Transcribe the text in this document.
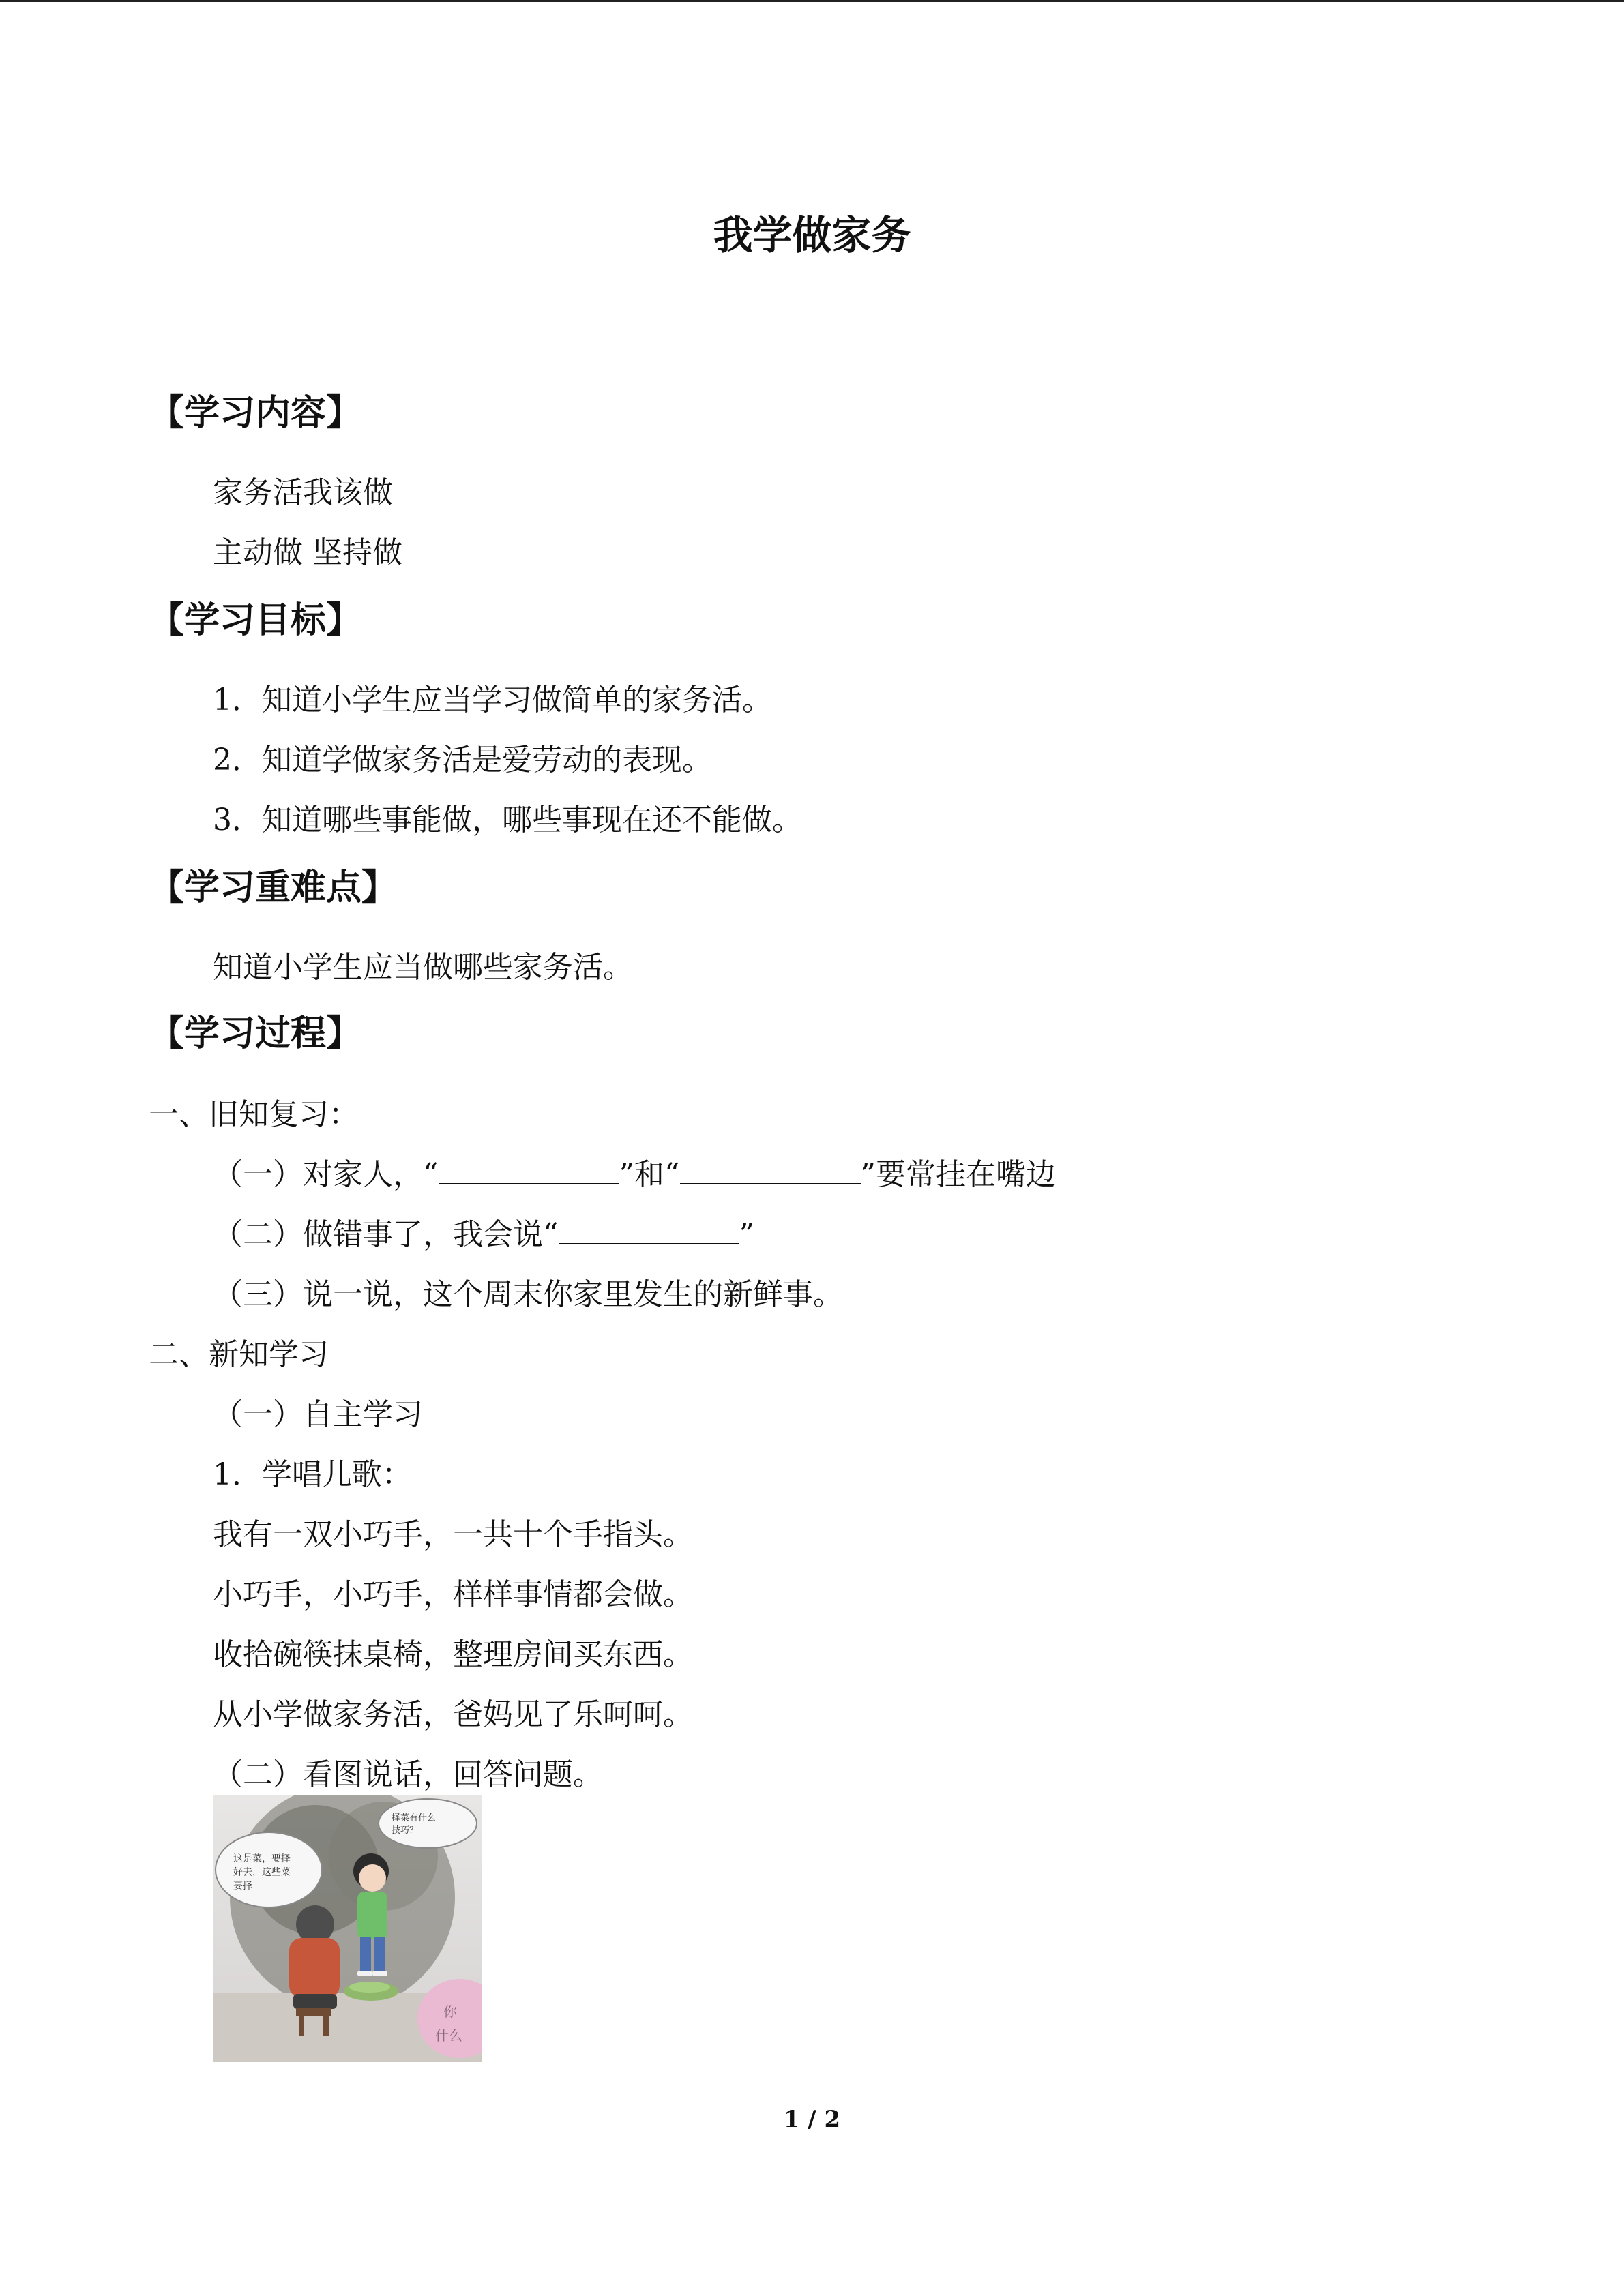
我学做家务
【学习内容】
家务活我该做
主动做 坚持做
【学习目标】
1．知道小学生应当学习做简单的家务活。
2．知道学做家务活是爱劳动的表现。
3．知道哪些事能做，哪些事现在还不能做。
【学习重难点】
知道小学生应当做哪些家务活。
【学习过程】
一、旧知复习：
（一）对家人，“	”和“	”要常挂在嘴边
（二）做错事了，我会说“	”
（三）说一说，这个周末你家里发生的新鲜事。
二、新知学习
（一）自主学习
1．学唱儿歌：
我有一双小巧手，一共十个手指头。
小巧手，小巧手，样样事情都会做。
收拾碗筷抹桌椅，整理房间买东西。
从小学做家务活，爸妈见了乐呵呵。
（二）看图说话，回答问题。
这是菜，要择
好去，这些菜
要择
择菜有什么
技巧？
你
什么
1 / 2
